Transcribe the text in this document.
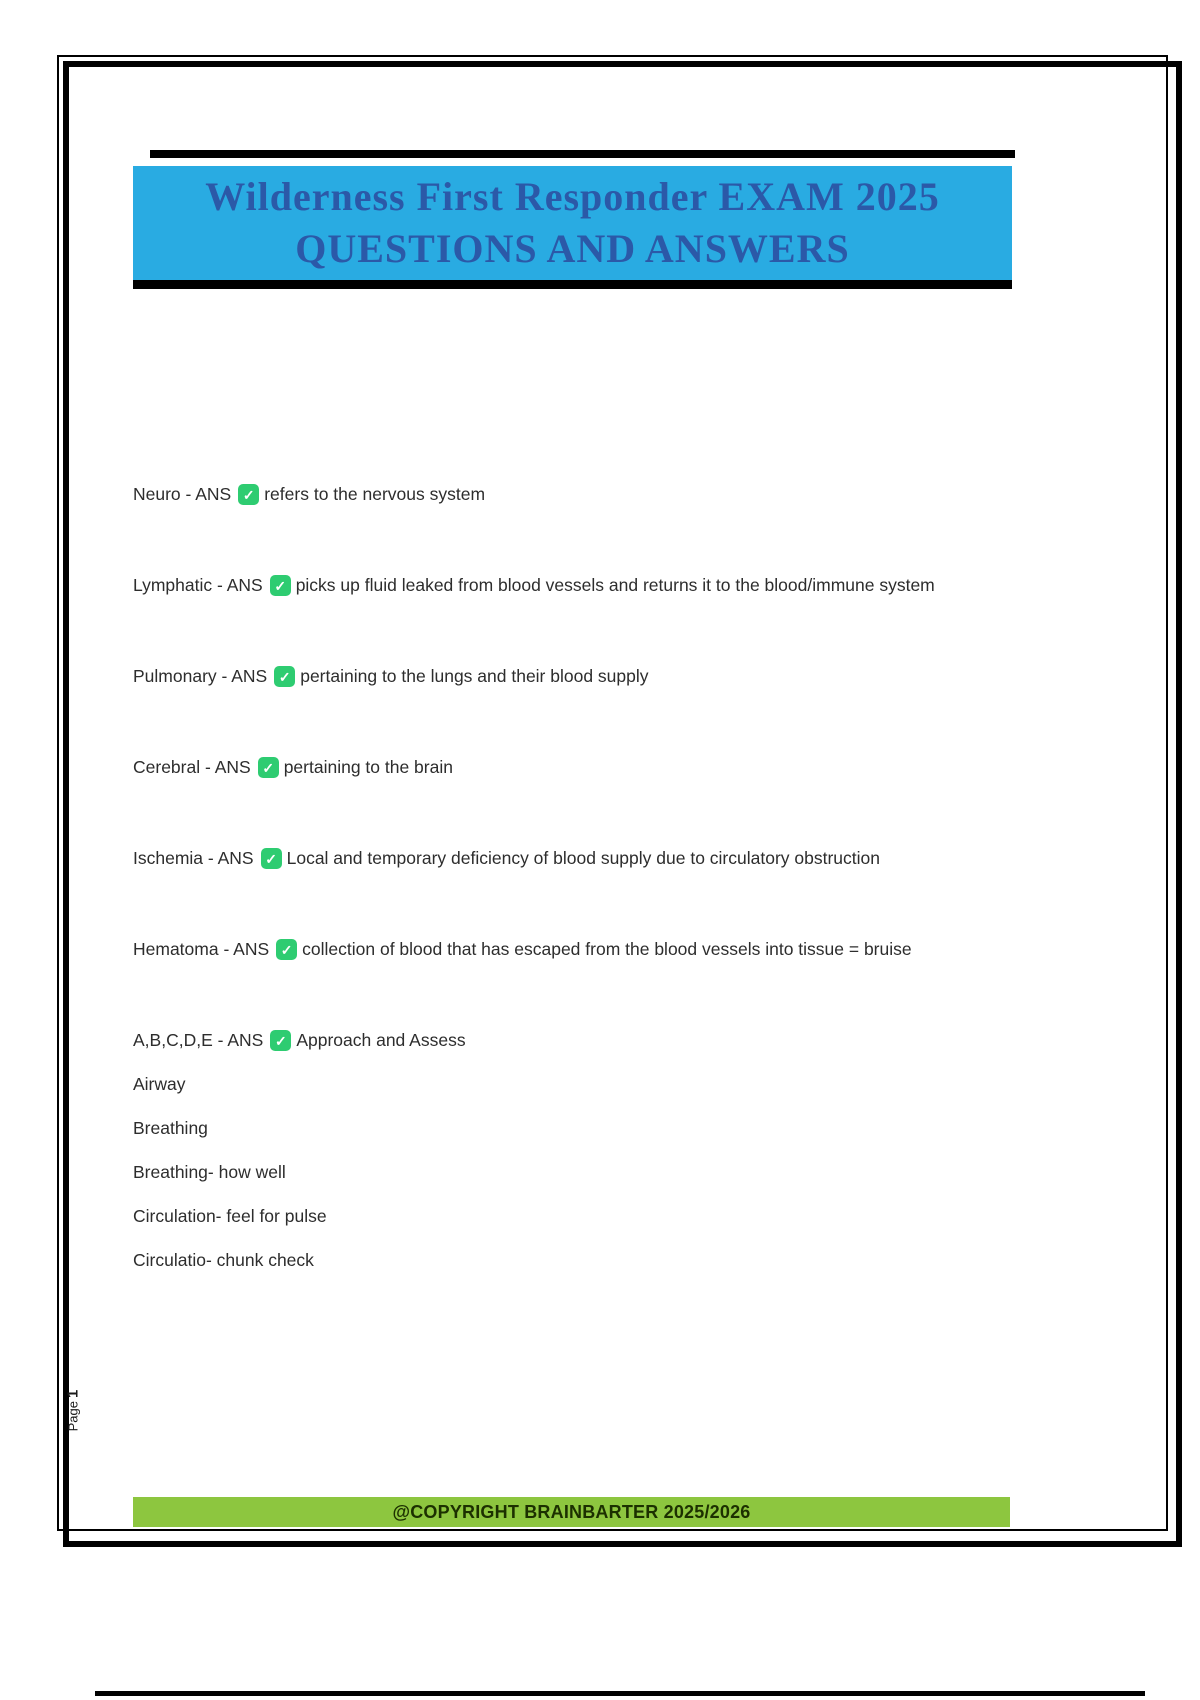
Wilderness First Responder EXAM 2025
QUESTIONS AND ANSWERS
Neuro - ANS ✓ refers to the nervous system
Lymphatic - ANS ✓ picks up fluid leaked from blood vessels and returns it to the blood/immune system
Pulmonary - ANS ✓ pertaining to the lungs and their blood supply
Cerebral - ANS ✓ pertaining to the brain
Ischemia - ANS ✓ Local and temporary deficiency of blood supply due to circulatory obstruction
Hematoma - ANS ✓ collection of blood that has escaped from the blood vessels into tissue = bruise
A,B,C,D,E - ANS ✓ Approach and Assess
Airway
Breathing
Breathing- how well
Circulation- feel for pulse
Circulatio- chunk check
Page1
@COPYRIGHT BRAINBARTER 2025/2026
